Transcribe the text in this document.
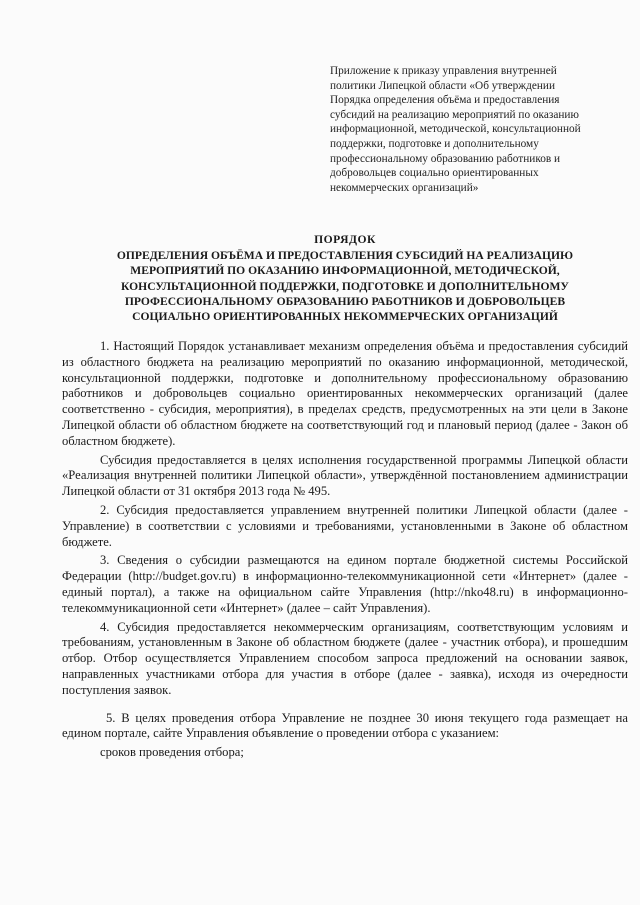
Приложение к приказу управления внутренней
политики Липецкой области «Об утверждении
Порядка определения объёма и предоставления
субсидий на реализацию мероприятий по оказанию
информационной, методической, консультационной
поддержки, подготовке и дополнительному
профессиональному образованию работников и
добровольцев социально ориентированных
некоммерческих организаций»
ПОРЯДОК
ОПРЕДЕЛЕНИЯ ОБЪЁМА И ПРЕДОСТАВЛЕНИЯ СУБСИДИЙ НА РЕАЛИЗАЦИЮ
МЕРОПРИЯТИЙ ПО ОКАЗАНИЮ ИНФОРМАЦИОННОЙ, МЕТОДИЧЕСКОЙ,
КОНСУЛЬТАЦИОННОЙ ПОДДЕРЖКИ, ПОДГОТОВКЕ И ДОПОЛНИТЕЛЬНОМУ
ПРОФЕССИОНАЛЬНОМУ ОБРАЗОВАНИЮ РАБОТНИКОВ И ДОБРОВОЛЬЦЕВ
СОЦИАЛЬНО ОРИЕНТИРОВАННЫХ НЕКОММЕРЧЕСКИХ ОРГАНИЗАЦИЙ

1. Настоящий Порядок устанавливает механизм определения объёма и предоставления субсидий из областного бюджета на реализацию мероприятий по оказанию информационной, методической, консультационной поддержки, подготовке и дополнительному профессиональному образованию работников и добровольцев социально ориентированных некоммерческих организаций (далее соответственно - субсидия, мероприятия), в пределах средств, предусмотренных на эти цели в Законе Липецкой области об областном бюджете на соответствующий год и плановый период (далее - Закон об областном бюджете).

Субсидия предоставляется в целях исполнения государственной программы Липецкой области «Реализация внутренней политики Липецкой области», утверждённой постановлением администрации Липецкой области от 31 октября 2013 года № 495.

2. Субсидия предоставляется управлением внутренней политики Липецкой области (далее - Управление) в соответствии с условиями и требованиями, установленными в Законе об областном бюджете.

3. Сведения о субсидии размещаются на едином портале бюджетной системы Российской Федерации (http://budget.gov.ru) в информационно-телекоммуникационной сети «Интернет» (далее - единый портал), а также на официальном сайте Управления (http://nko48.ru) в информационно-телекоммуникационной сети «Интернет» (далее – сайт Управления).

4. Субсидия предоставляется некоммерческим организациям, соответствующим условиям и требованиям, установленным в Законе об областном бюджете (далее - участник отбора), и прошедшим отбор. Отбор осуществляется Управлением способом запроса предложений на основании заявок, направленных участниками отбора для участия в отборе (далее - заявка), исходя из очередности поступления заявок.

5. В целях проведения отбора Управление не позднее 30 июня текущего года размещает на едином портале, сайте Управления объявление о проведении отбора с указанием:

сроков проведения отбора;
